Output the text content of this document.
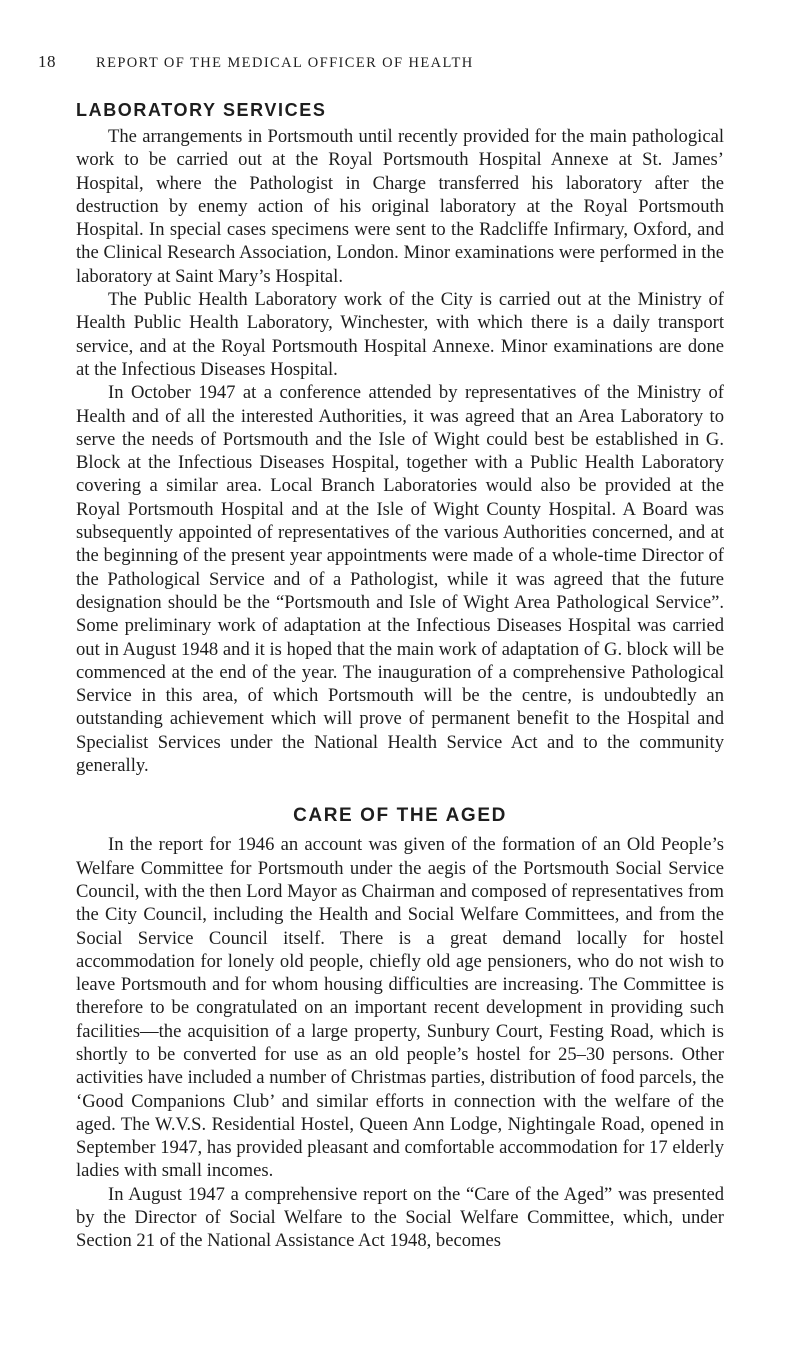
18	REPORT OF THE MEDICAL OFFICER OF HEALTH
LABORATORY SERVICES

The arrangements in Portsmouth until recently provided for the main pathological work to be carried out at the Royal Portsmouth Hospital Annexe at St. James’ Hospital, where the Pathologist in Charge transferred his laboratory after the destruction by enemy action of his original laboratory at the Royal Portsmouth Hospital. In special cases specimens were sent to the Radcliffe Infirmary, Oxford, and the Clinical Research Association, London. Minor examinations were performed in the laboratory at Saint Mary’s Hospital.

The Public Health Laboratory work of the City is carried out at the Ministry of Health Public Health Laboratory, Winchester, with which there is a daily transport service, and at the Royal Portsmouth Hospital Annexe. Minor examinations are done at the Infectious Diseases Hospital.

In October 1947 at a conference attended by representatives of the Ministry of Health and of all the interested Authorities, it was agreed that an Area Laboratory to serve the needs of Portsmouth and the Isle of Wight could best be established in G. Block at the Infectious Diseases Hospital, together with a Public Health Laboratory covering a similar area. Local Branch Laboratories would also be provided at the Royal Portsmouth Hospital and at the Isle of Wight County Hospital. A Board was subsequently appointed of representatives of the various Authorities concerned, and at the beginning of the present year appointments were made of a whole-time Director of the Pathological Service and of a Pathologist, while it was agreed that the future designation should be the “Portsmouth and Isle of Wight Area Pathological Service”. Some preliminary work of adaptation at the Infectious Diseases Hospital was carried out in August 1948 and it is hoped that the main work of adaptation of G. block will be commenced at the end of the year. The inauguration of a comprehensive Pathological Service in this area, of which Portsmouth will be the centre, is undoubtedly an outstanding achievement which will prove of permanent benefit to the Hospital and Specialist Services under the National Health Service Act and to the community generally.

CARE OF THE AGED

In the report for 1946 an account was given of the formation of an Old People’s Welfare Committee for Portsmouth under the aegis of the Portsmouth Social Service Council, with the then Lord Mayor as Chairman and composed of representatives from the City Council, including the Health and Social Welfare Committees, and from the Social Service Council itself. There is a great demand locally for hostel accommodation for lonely old people, chiefly old age pensioners, who do not wish to leave Portsmouth and for whom housing difficulties are increasing. The Committee is therefore to be congratulated on an important recent development in providing such facilities—the acquisition of a large property, Sunbury Court, Festing Road, which is shortly to be converted for use as an old people’s hostel for 25–30 persons. Other activities have included a number of Christmas parties, distribution of food parcels, the ‘Good Companions Club’ and similar efforts in connection with the welfare of the aged. The W.V.S. Residential Hostel, Queen Ann Lodge, Nightingale Road, opened in September 1947, has provided pleasant and comfortable accommodation for 17 elderly ladies with small incomes.

In August 1947 a comprehensive report on the “Care of the Aged” was presented by the Director of Social Welfare to the Social Welfare Committee, which, under Section 21 of the National Assistance Act 1948, becomes
